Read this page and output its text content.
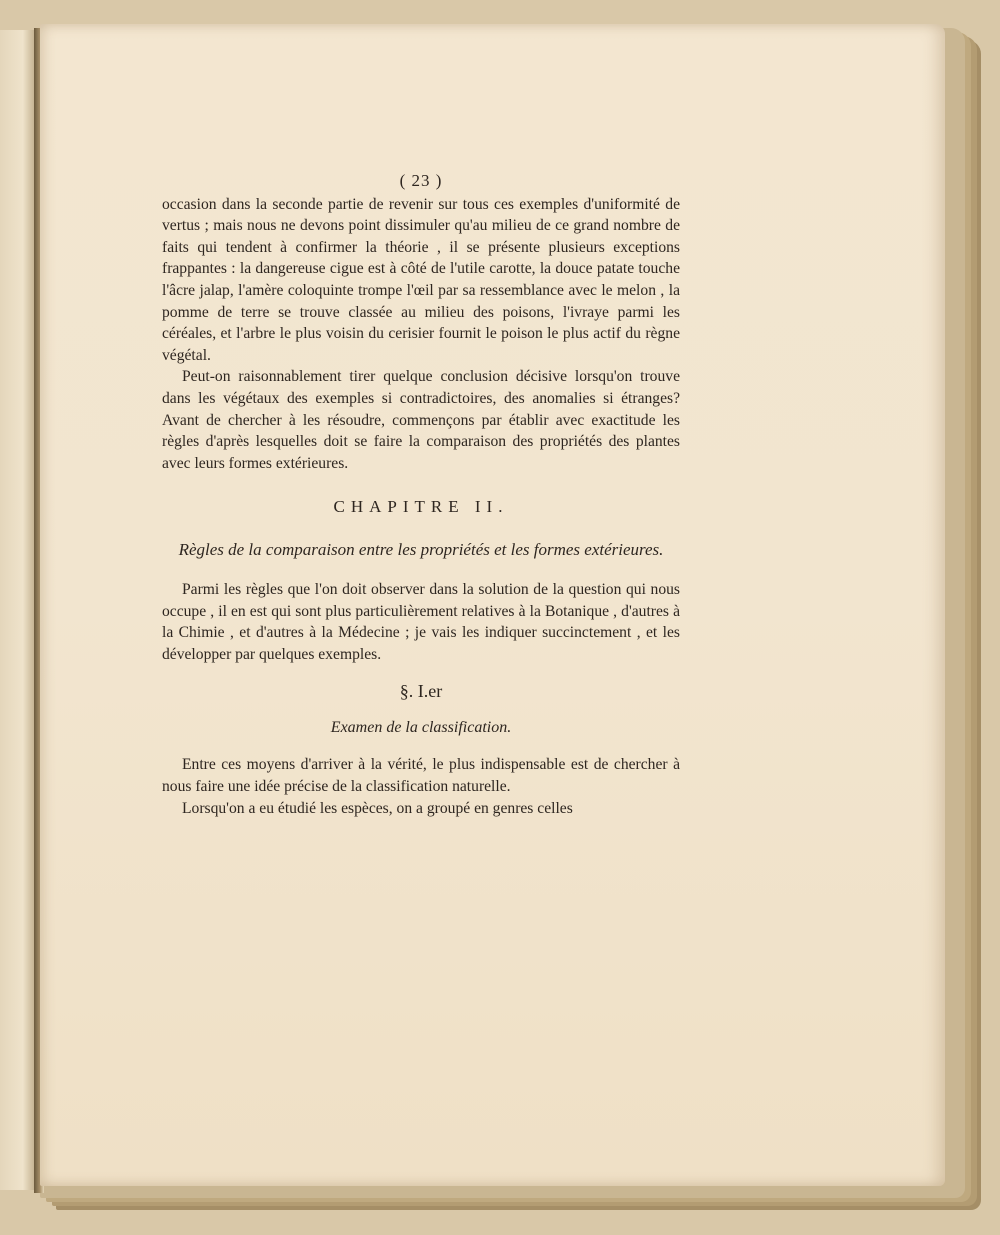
( 23 )

occasion dans la seconde partie de revenir sur tous ces exemples d'uniformité de vertus ; mais nous ne devons point dissimuler qu'au milieu de ce grand nombre de faits qui tendent à confirmer la théorie , il se présente plusieurs exceptions frappantes : la dangereuse cigue est à côté de l'utile carotte, la douce patate touche l'âcre jalap, l'amère coloquinte trompe l'œil par sa ressemblance avec le melon , la pomme de terre se trouve classée au milieu des poisons, l'ivraye parmi les céréales, et l'arbre le plus voisin du cerisier fournit le poison le plus actif du règne végétal.

Peut-on raisonnablement tirer quelque conclusion décisive lorsqu'on trouve dans les végétaux des exemples si contradictoires, des anomalies si étranges? Avant de chercher à les résoudre, commençons par établir avec exactitude les règles d'après lesquelles doit se faire la comparaison des propriétés des plantes avec leurs formes extérieures.

CHAPITRE II.
Règles de la comparaison entre les propriétés et les formes extérieures.

Parmi les règles que l'on doit observer dans la solution de la question qui nous occupe , il en est qui sont plus particulièrement relatives à la Botanique , d'autres à la Chimie , et d'autres à la Médecine ; je vais les indiquer succinctement , et les développer par quelques exemples.

§. I.er
Examen de la classification.

Entre ces moyens d'arriver à la vérité, le plus indispensable est de chercher à nous faire une idée précise de la classification naturelle.

Lorsqu'on a eu étudié les espèces, on a groupé en genres celles
